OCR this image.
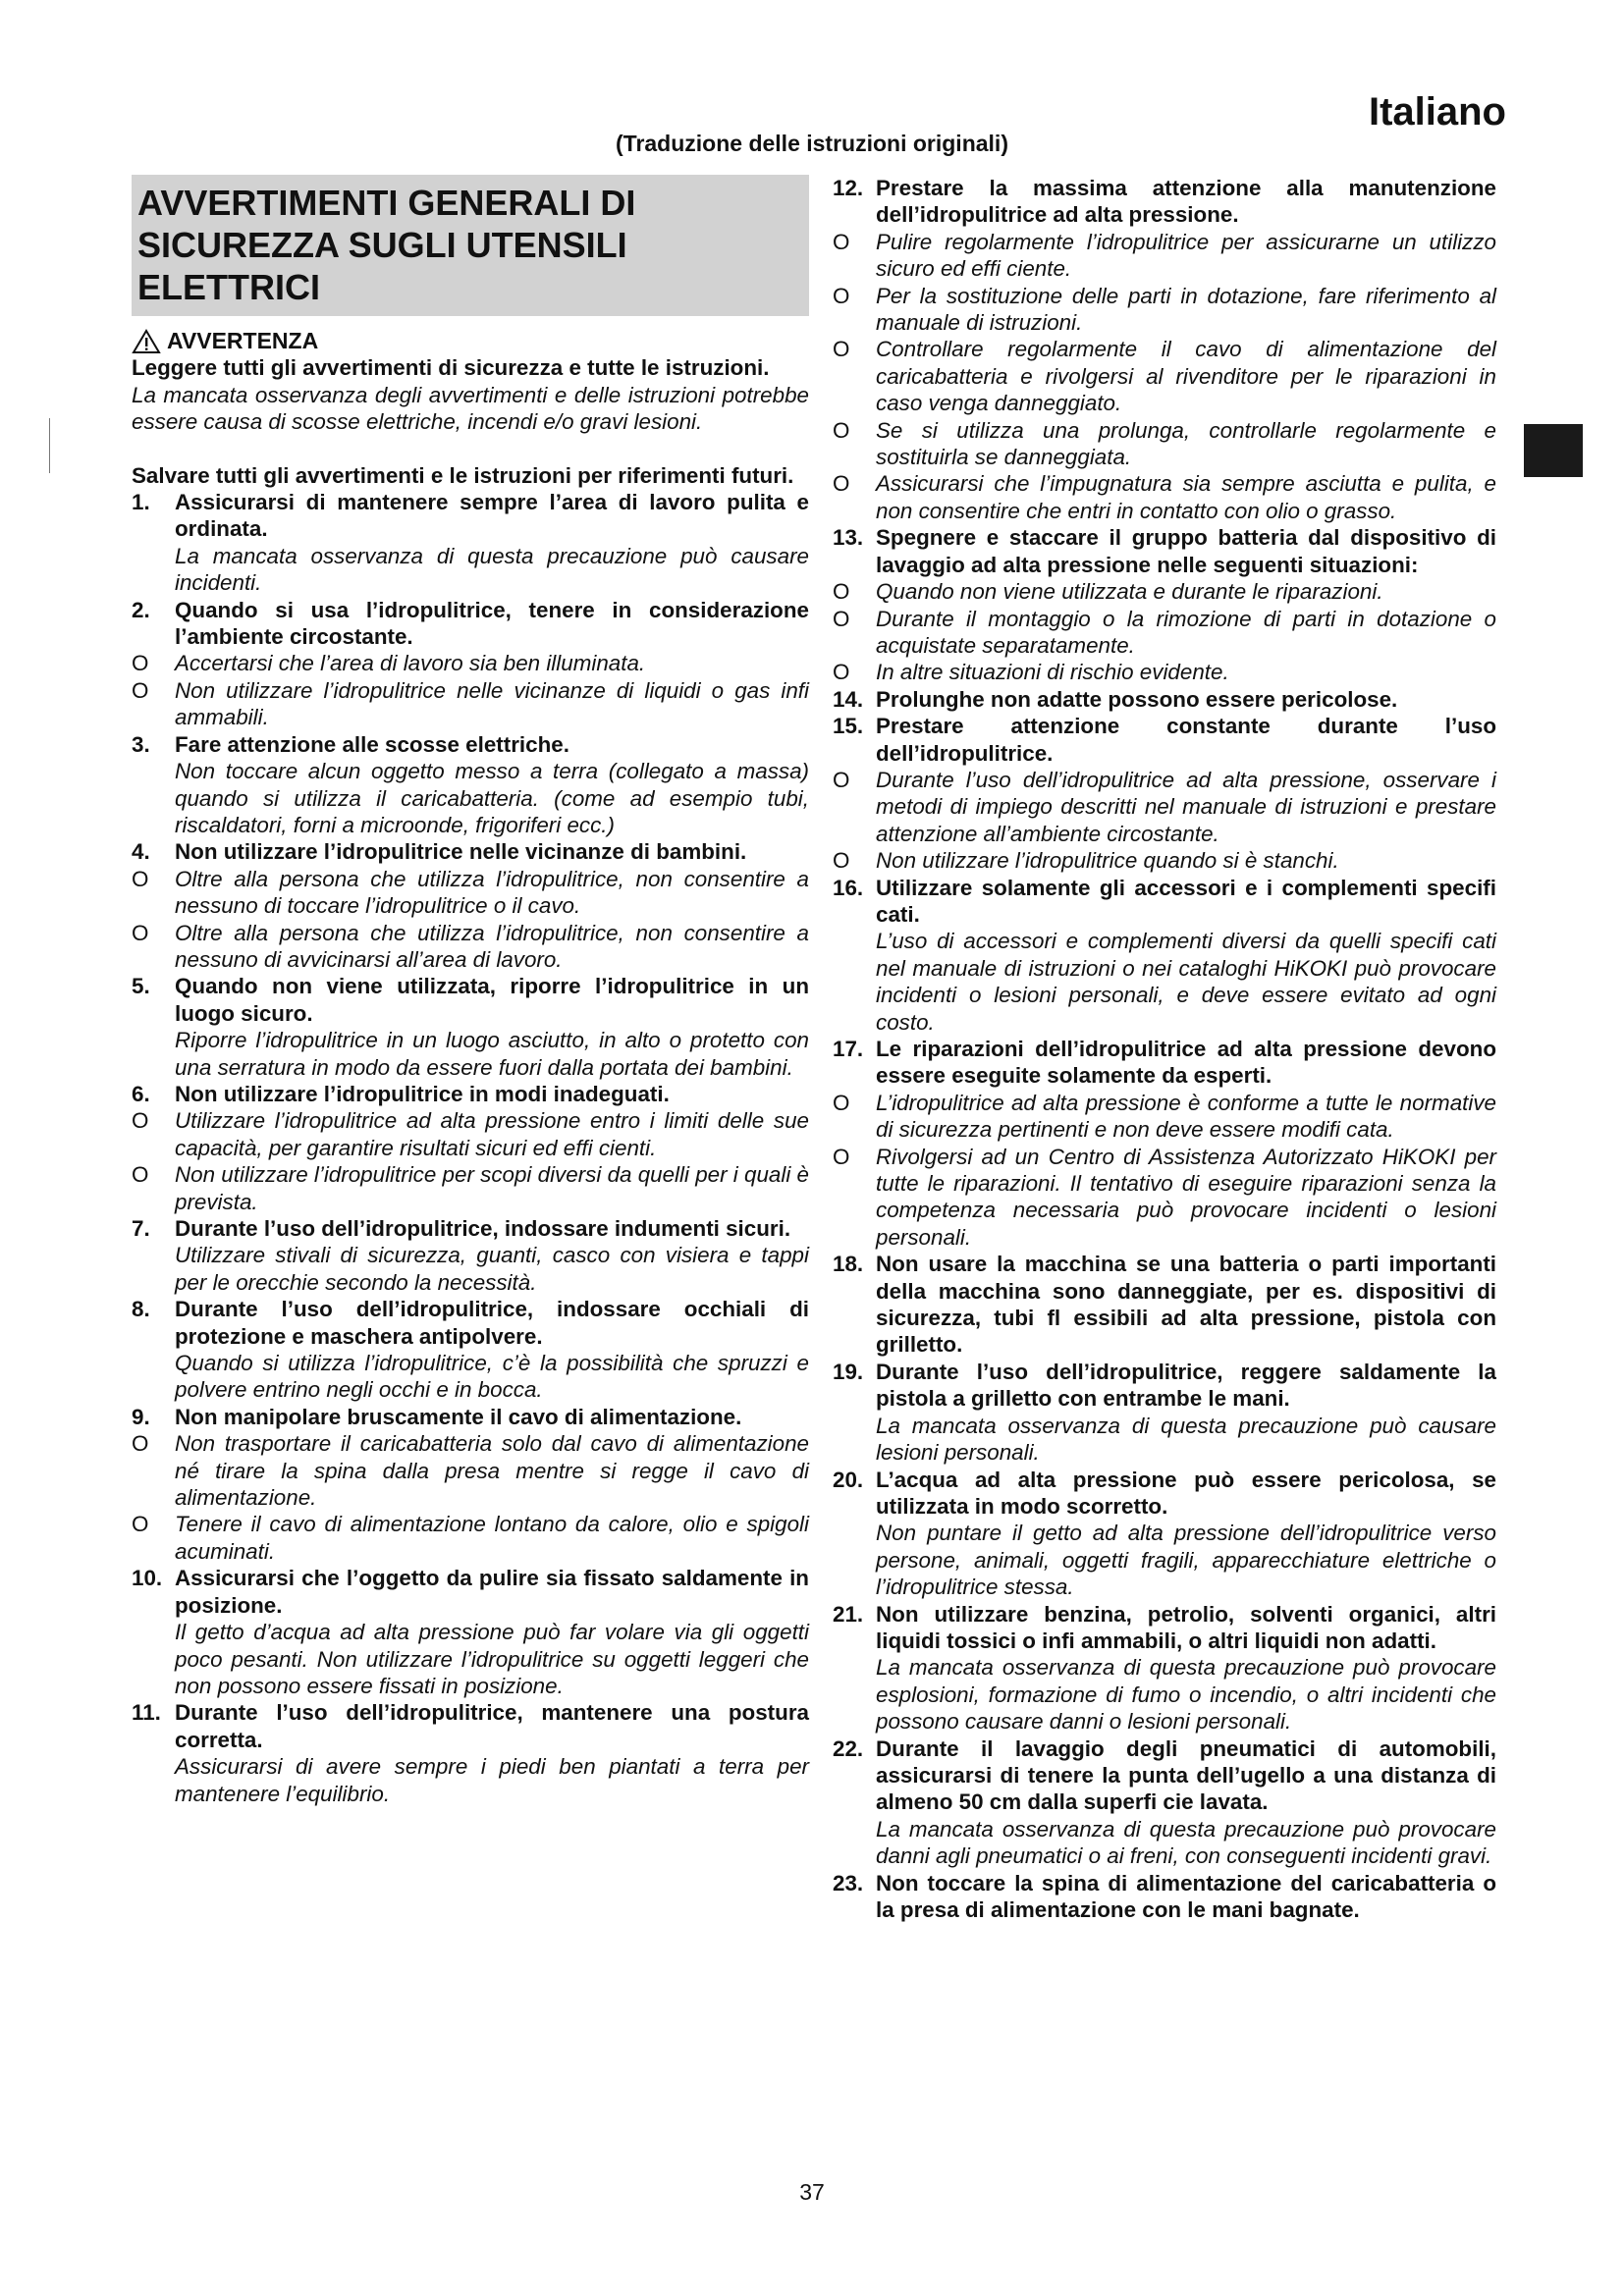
Italiano
(Traduzione delle istruzioni originali)
AVVERTIMENTI GENERALI DI SICUREZZA SUGLI UTENSILI ELETTRICI
AVVERTENZA

Leggere tutti gli avvertimenti di sicurezza e tutte le istruzioni.

La mancata osservanza degli avvertimenti e delle istruzioni potrebbe essere causa di scosse elettriche, incendi e/o gravi lesioni.

Salvare tutti gli avvertimenti e le istruzioni per riferimenti futuri.

1.	Assicurarsi di mantenere sempre l’area di lavoro pulita e ordinata.
La mancata osservanza di questa precauzione può causare incidenti.
2.	Quando si usa l’idropulitrice, tenere in considerazione l’ambiente circostante.
O	Accertarsi che l’area di lavoro sia ben illuminata.
O	Non utilizzare l’idropulitrice nelle vicinanze di liquidi o gas infi ammabili.
3.	Fare attenzione alle scosse elettriche.
Non toccare alcun oggetto messo a terra (collegato a massa) quando si utilizza il caricabatteria. (come ad esempio tubi, riscaldatori, forni a microonde, frigoriferi ecc.)
4.	Non utilizzare l’idropulitrice nelle vicinanze di bambini.
O	Oltre alla persona che utilizza l’idropulitrice, non consentire a nessuno di toccare l’idropulitrice o il cavo.
O	Oltre alla persona che utilizza l’idropulitrice, non consentire a nessuno di avvicinarsi all’area di lavoro.
5.	Quando non viene utilizzata, riporre l’idropulitrice in un luogo sicuro.
Riporre l’idropulitrice in un luogo asciutto, in alto o protetto con una serratura in modo da essere fuori dalla portata dei bambini.
6.	Non utilizzare l’idropulitrice in modi inadeguati.
O	Utilizzare l’idropulitrice ad alta pressione entro i limiti delle sue capacità, per garantire risultati sicuri ed effi cienti.
O	Non utilizzare l’idropulitrice per scopi diversi da quelli per i quali è prevista.
7.	Durante l’uso dell’idropulitrice, indossare indumenti sicuri.
Utilizzare stivali di sicurezza, guanti, casco con visiera e tappi per le orecchie secondo la necessità.
8.	Durante l’uso dell’idropulitrice, indossare occhiali di protezione e maschera antipolvere.
Quando si utilizza l’idropulitrice, c’è la possibilità che spruzzi e polvere entrino negli occhi e in bocca.
9.	Non manipolare bruscamente il cavo di alimentazione.
O	Non trasportare il caricabatteria solo dal cavo di alimentazione né tirare la spina dalla presa mentre si regge il cavo di alimentazione.
O	Tenere il cavo di alimentazione lontano da calore, olio e spigoli acuminati.
10. Assicurarsi che l’oggetto da pulire sia fissato saldamente in posizione.
Il getto d’acqua ad alta pressione può far volare via gli oggetti poco pesanti. Non utilizzare l’idropulitrice su oggetti leggeri che non possono essere fissati in posizione.
11. Durante l’uso dell’idropulitrice, mantenere una postura corretta.
Assicurarsi di avere sempre i piedi ben piantati a terra per mantenere l’equilibrio.
12. Prestare la massima attenzione alla manutenzione dell’idropulitrice ad alta pressione.
O	Pulire regolarmente l’idropulitrice per assicurarne un utilizzo sicuro ed effi ciente.
O	Per la sostituzione delle parti in dotazione, fare riferimento al manuale di istruzioni.
O	Controllare regolarmente il cavo di alimentazione del caricabatteria e rivolgersi al rivenditore per le riparazioni in caso venga danneggiato.
O	Se si utilizza una prolunga, controllarle regolarmente e sostituirla se danneggiata.
O	Assicurarsi che l’impugnatura sia sempre asciutta e pulita, e non consentire che entri in contatto con olio o grasso.
13. Spegnere e staccare il gruppo batteria dal dispositivo di lavaggio ad alta pressione nelle seguenti situazioni:
O	Quando non viene utilizzata e durante le riparazioni.
O	Durante il montaggio o la rimozione di parti in dotazione o acquistate separatamente.
O	In altre situazioni di rischio evidente.
14. Prolunghe non adatte possono essere pericolose.
15. Prestare attenzione constante durante l’uso dell’idropulitrice.
O	Durante l’uso dell’idropulitrice ad alta pressione, osservare i metodi di impiego descritti nel manuale di istruzioni e prestare attenzione all’ambiente circostante.
O	Non utilizzare l’idropulitrice quando si è stanchi.
16. Utilizzare solamente gli accessori e i complementi specifi cati.
L’uso di accessori e complementi diversi da quelli specifi cati nel manuale di istruzioni o nei cataloghi HiKOKI può provocare incidenti o lesioni personali, e deve essere evitato ad ogni costo.
17. Le riparazioni dell’idropulitrice ad alta pressione devono essere eseguite solamente da esperti.
O	L’idropulitrice ad alta pressione è conforme a tutte le normative di sicurezza pertinenti e non deve essere modifi cata.
O	Rivolgersi ad un Centro di Assistenza Autorizzato HiKOKI per tutte le riparazioni. Il tentativo di eseguire riparazioni senza la competenza necessaria può provocare incidenti o lesioni personali.
18. Non usare la macchina se una batteria o parti importanti della macchina sono danneggiate, per es. dispositivi di sicurezza, tubi fl essibili ad alta pressione, pistola con grilletto.
19. Durante l’uso dell’idropulitrice, reggere saldamente la pistola a grilletto con entrambe le mani.
La mancata osservanza di questa precauzione può causare lesioni personali.
20. L’acqua ad alta pressione può essere pericolosa, se utilizzata in modo scorretto.
Non puntare il getto ad alta pressione dell’idropulitrice verso persone, animali, oggetti fragili, apparecchiature elettriche o l’idropulitrice stessa.
21. Non utilizzare benzina, petrolio, solventi organici, altri liquidi tossici o infi ammabili, o altri liquidi non adatti.
La mancata osservanza di questa precauzione può provocare esplosioni, formazione di fumo o incendio, o altri incidenti che possono causare danni o lesioni personali.
22. Durante il lavaggio degli pneumatici di automobili, assicurarsi di tenere la punta dell’ugello a una distanza di almeno 50 cm dalla superfi cie lavata.
La mancata osservanza di questa precauzione può provocare danni agli pneumatici o ai freni, con conseguenti incidenti gravi.
23. Non toccare la spina di alimentazione del caricabatteria o la presa di alimentazione con le mani bagnate.
37
